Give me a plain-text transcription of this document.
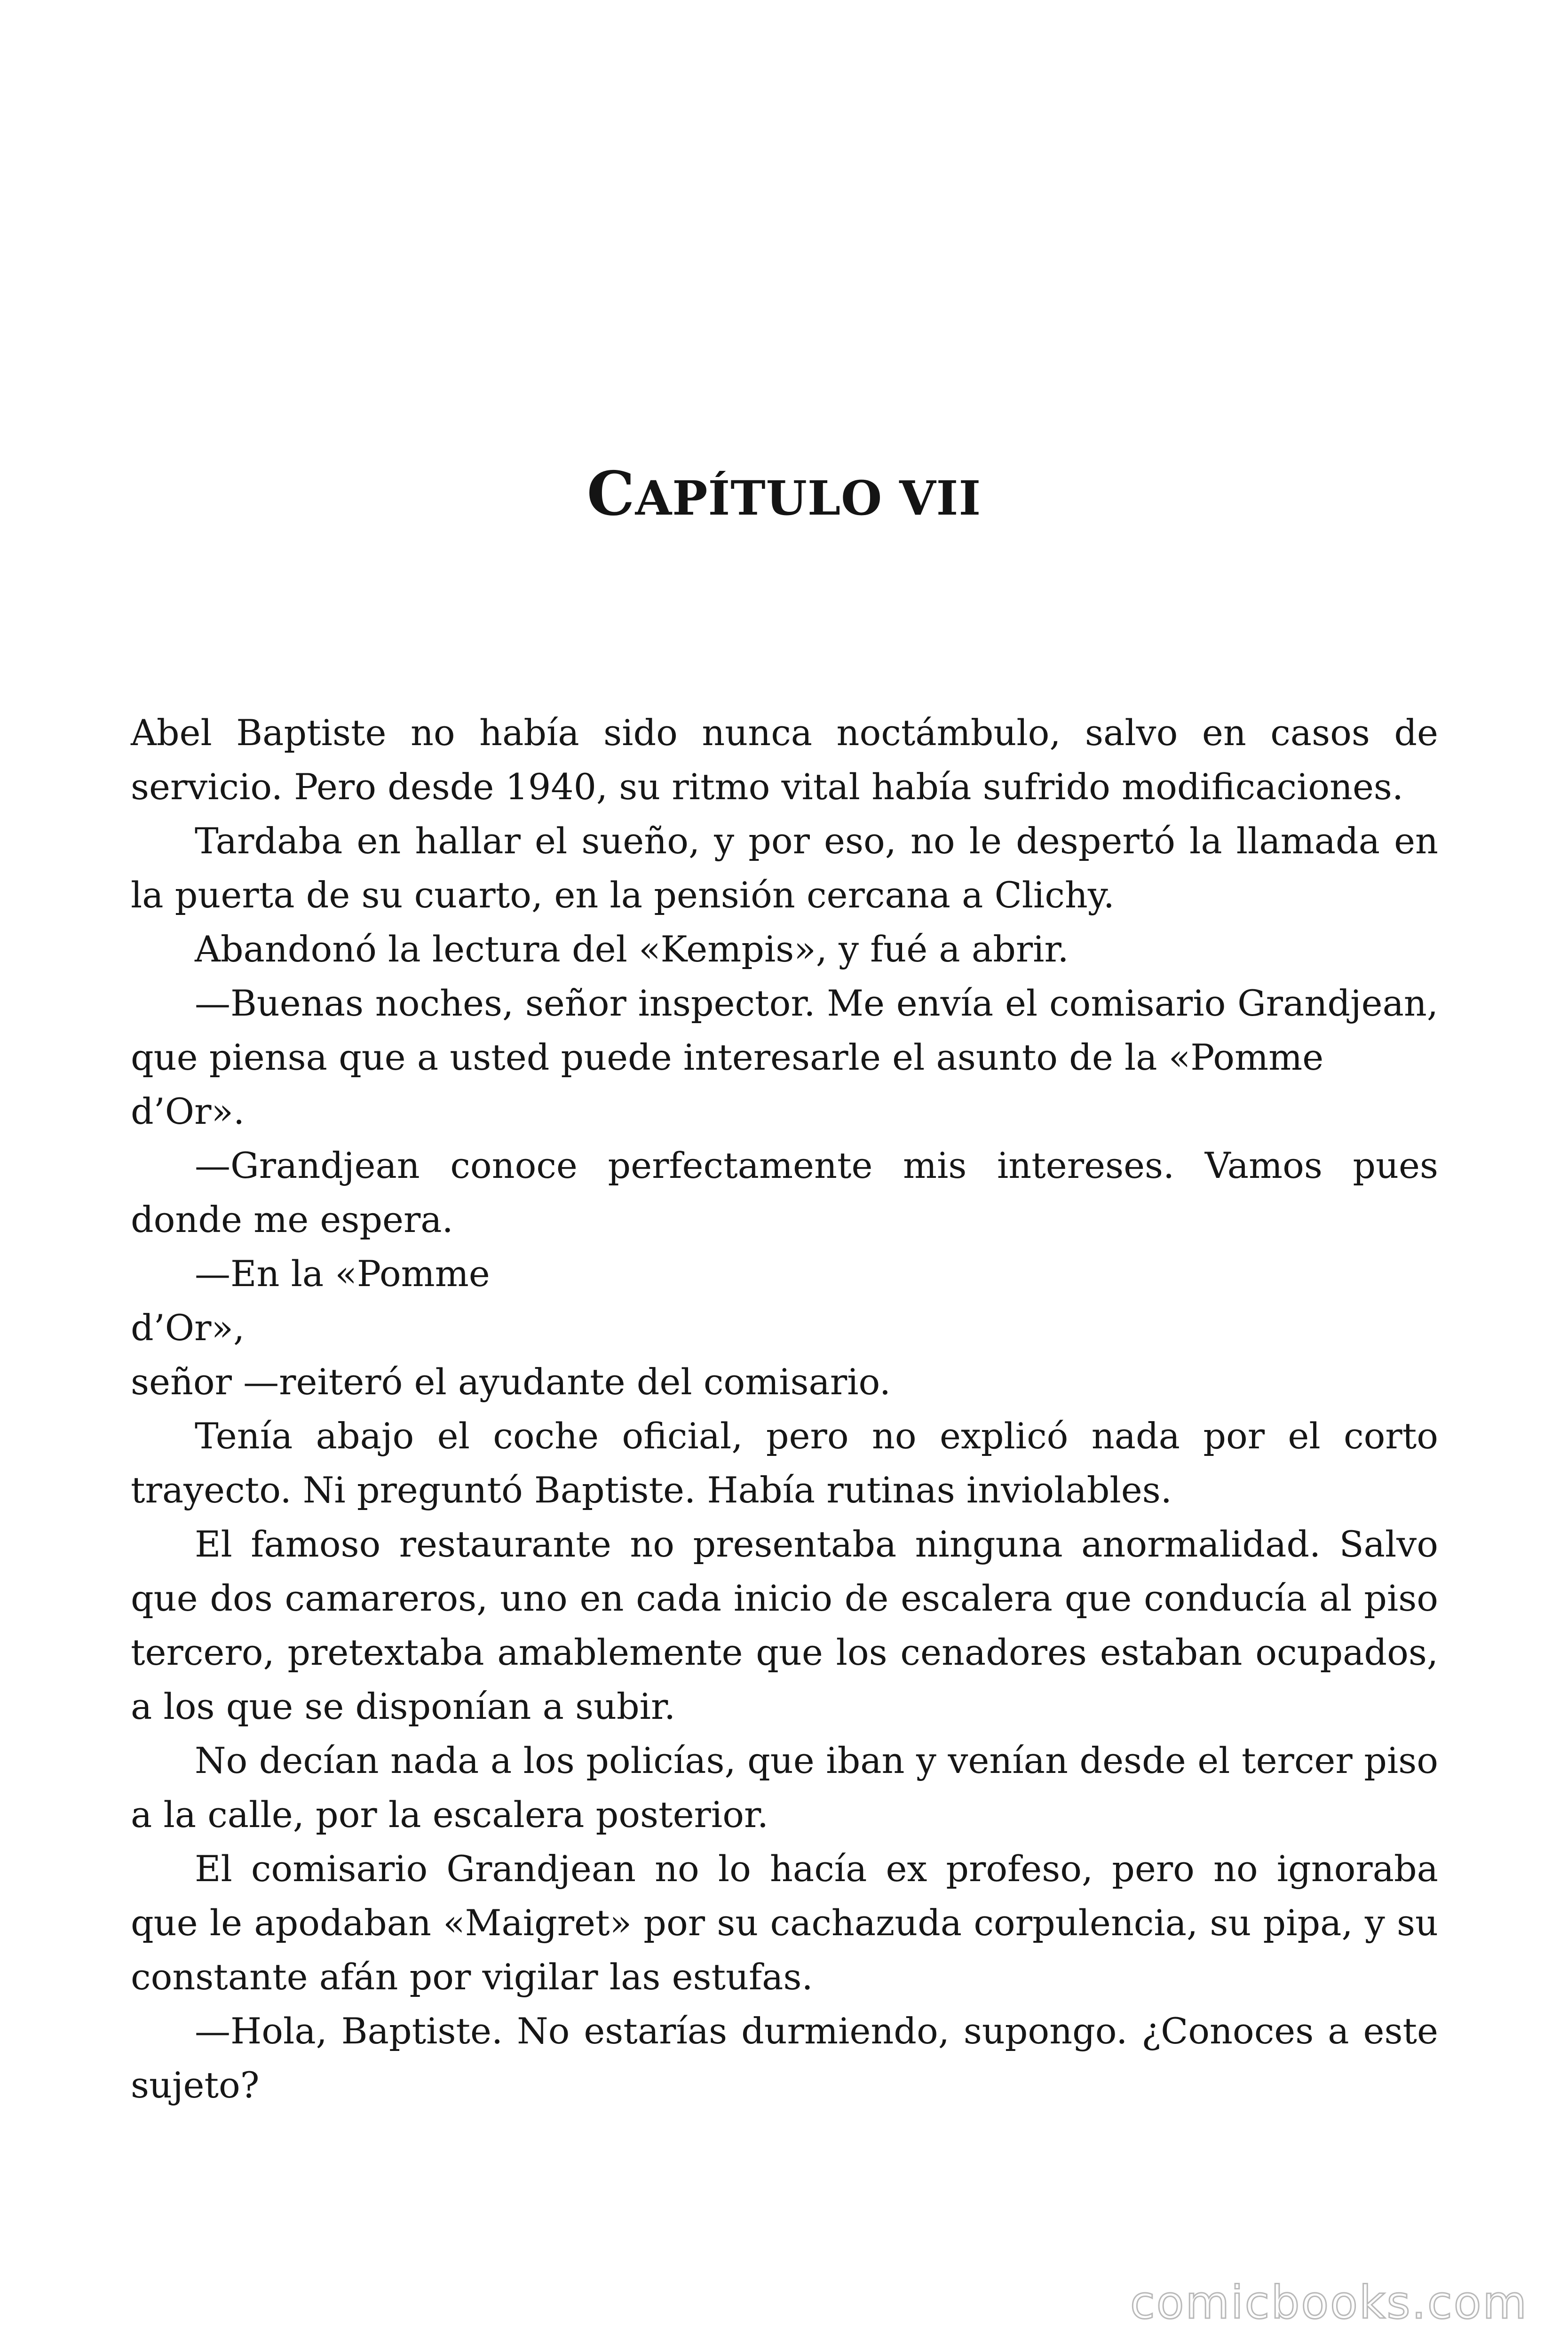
CAPÍTULO VII

Abel Baptiste no había sido nunca noctámbulo, salvo en casos de servicio. Pero desde 1940, su ritmo vital había sufrido modificaciones.

Tardaba en hallar el sueño, y por eso, no le despertó la llamada en la puerta de su cuarto, en la pensión cercana a Clichy.

Abandonó la lectura del «Kempis», y fué a abrir.

—Buenas noches, señor inspector. Me envía el comisario Grandjean, que piensa que a usted puede interesarle el asunto de la «Pomme

d’Or».

—Grandjean conoce perfectamente mis intereses. Vamos pues donde me espera.

—En la «Pomme

d’Or»,

señor —reiteró el ayudante del comisario.

Tenía abajo el coche oficial, pero no explicó nada por el corto trayecto. Ni preguntó Baptiste. Había rutinas inviolables.

El famoso restaurante no presentaba ninguna anormalidad. Salvo que dos camareros, uno en cada inicio de escalera que conducía al piso tercero, pretextaba amablemente que los cenadores estaban ocupados, a los que se disponían a subir.

No decían nada a los policías, que iban y venían desde el tercer piso a la calle, por la escalera posterior.

El comisario Grandjean no lo hacía ex profeso, pero no ignoraba que le apodaban «Maigret» por su cachazuda corpulencia, su pipa, y su constante afán por vigilar las estufas.

—Hola, Baptiste. No estarías durmiendo, supongo. ¿Conoces a este sujeto?

comicbooks.com
